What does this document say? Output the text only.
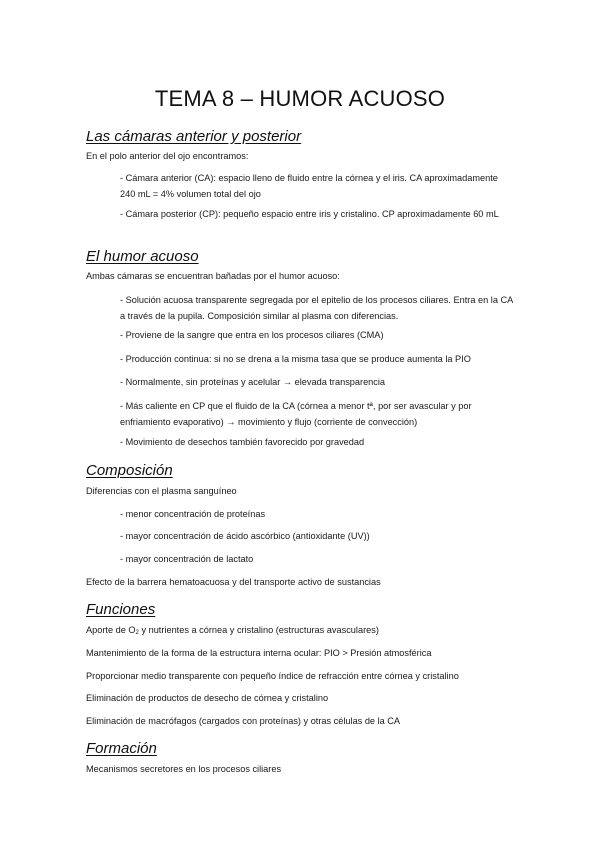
TEMA 8 – HUMOR ACUOSO
Las cámaras anterior y posterior
En el polo anterior del ojo encontramos:
- Cámara anterior (CA): espacio lleno de fluido entre la córnea y el iris. CA aproximadamente 240 mL = 4% volumen total del ojo
- Cámara posterior (CP): pequeño espacio entre iris y cristalino. CP aproximadamente 60 mL
El humor acuoso
Ambas cámaras se encuentran bañadas por el humor acuoso:
- Solución acuosa transparente segregada por el epitelio de los procesos ciliares. Entra en la CA a través de la pupila. Composición similar al plasma con diferencias.
- Proviene de la sangre que entra en los procesos ciliares (CMA)
- Producción continua: si no se drena a la misma tasa que se produce aumenta la PIO
- Normalmente, sin proteínas y acelular → elevada transparencia
- Más caliente en CP que el fluido de la CA (córnea a menor tª, por ser avascular y por enfriamiento evaporativo) → movimiento y flujo (corriente de convección)
- Movimiento de desechos también favorecido por gravedad
Composición
Diferencias con el plasma sanguíneo
- menor concentración de proteínas
- mayor concentración de ácido ascórbico (antioxidante (UV))
- mayor concentración de lactato
Efecto de la barrera hematoacuosa y del transporte activo de sustancias
Funciones
Aporte de $O_2$ y nutrientes a córnea y cristalino (estructuras avasculares)
Mantenimiento de la forma de la estructura interna ocular: PIO > Presión atmosférica
Proporcionar medio transparente con pequeño índice de refracción entre córnea y cristalino
Eliminación de productos de desecho de córnea y cristalino
Eliminación de macrófagos (cargados con proteínas) y otras células de la CA
Formación
Mecanismos secretores en los procesos ciliares
